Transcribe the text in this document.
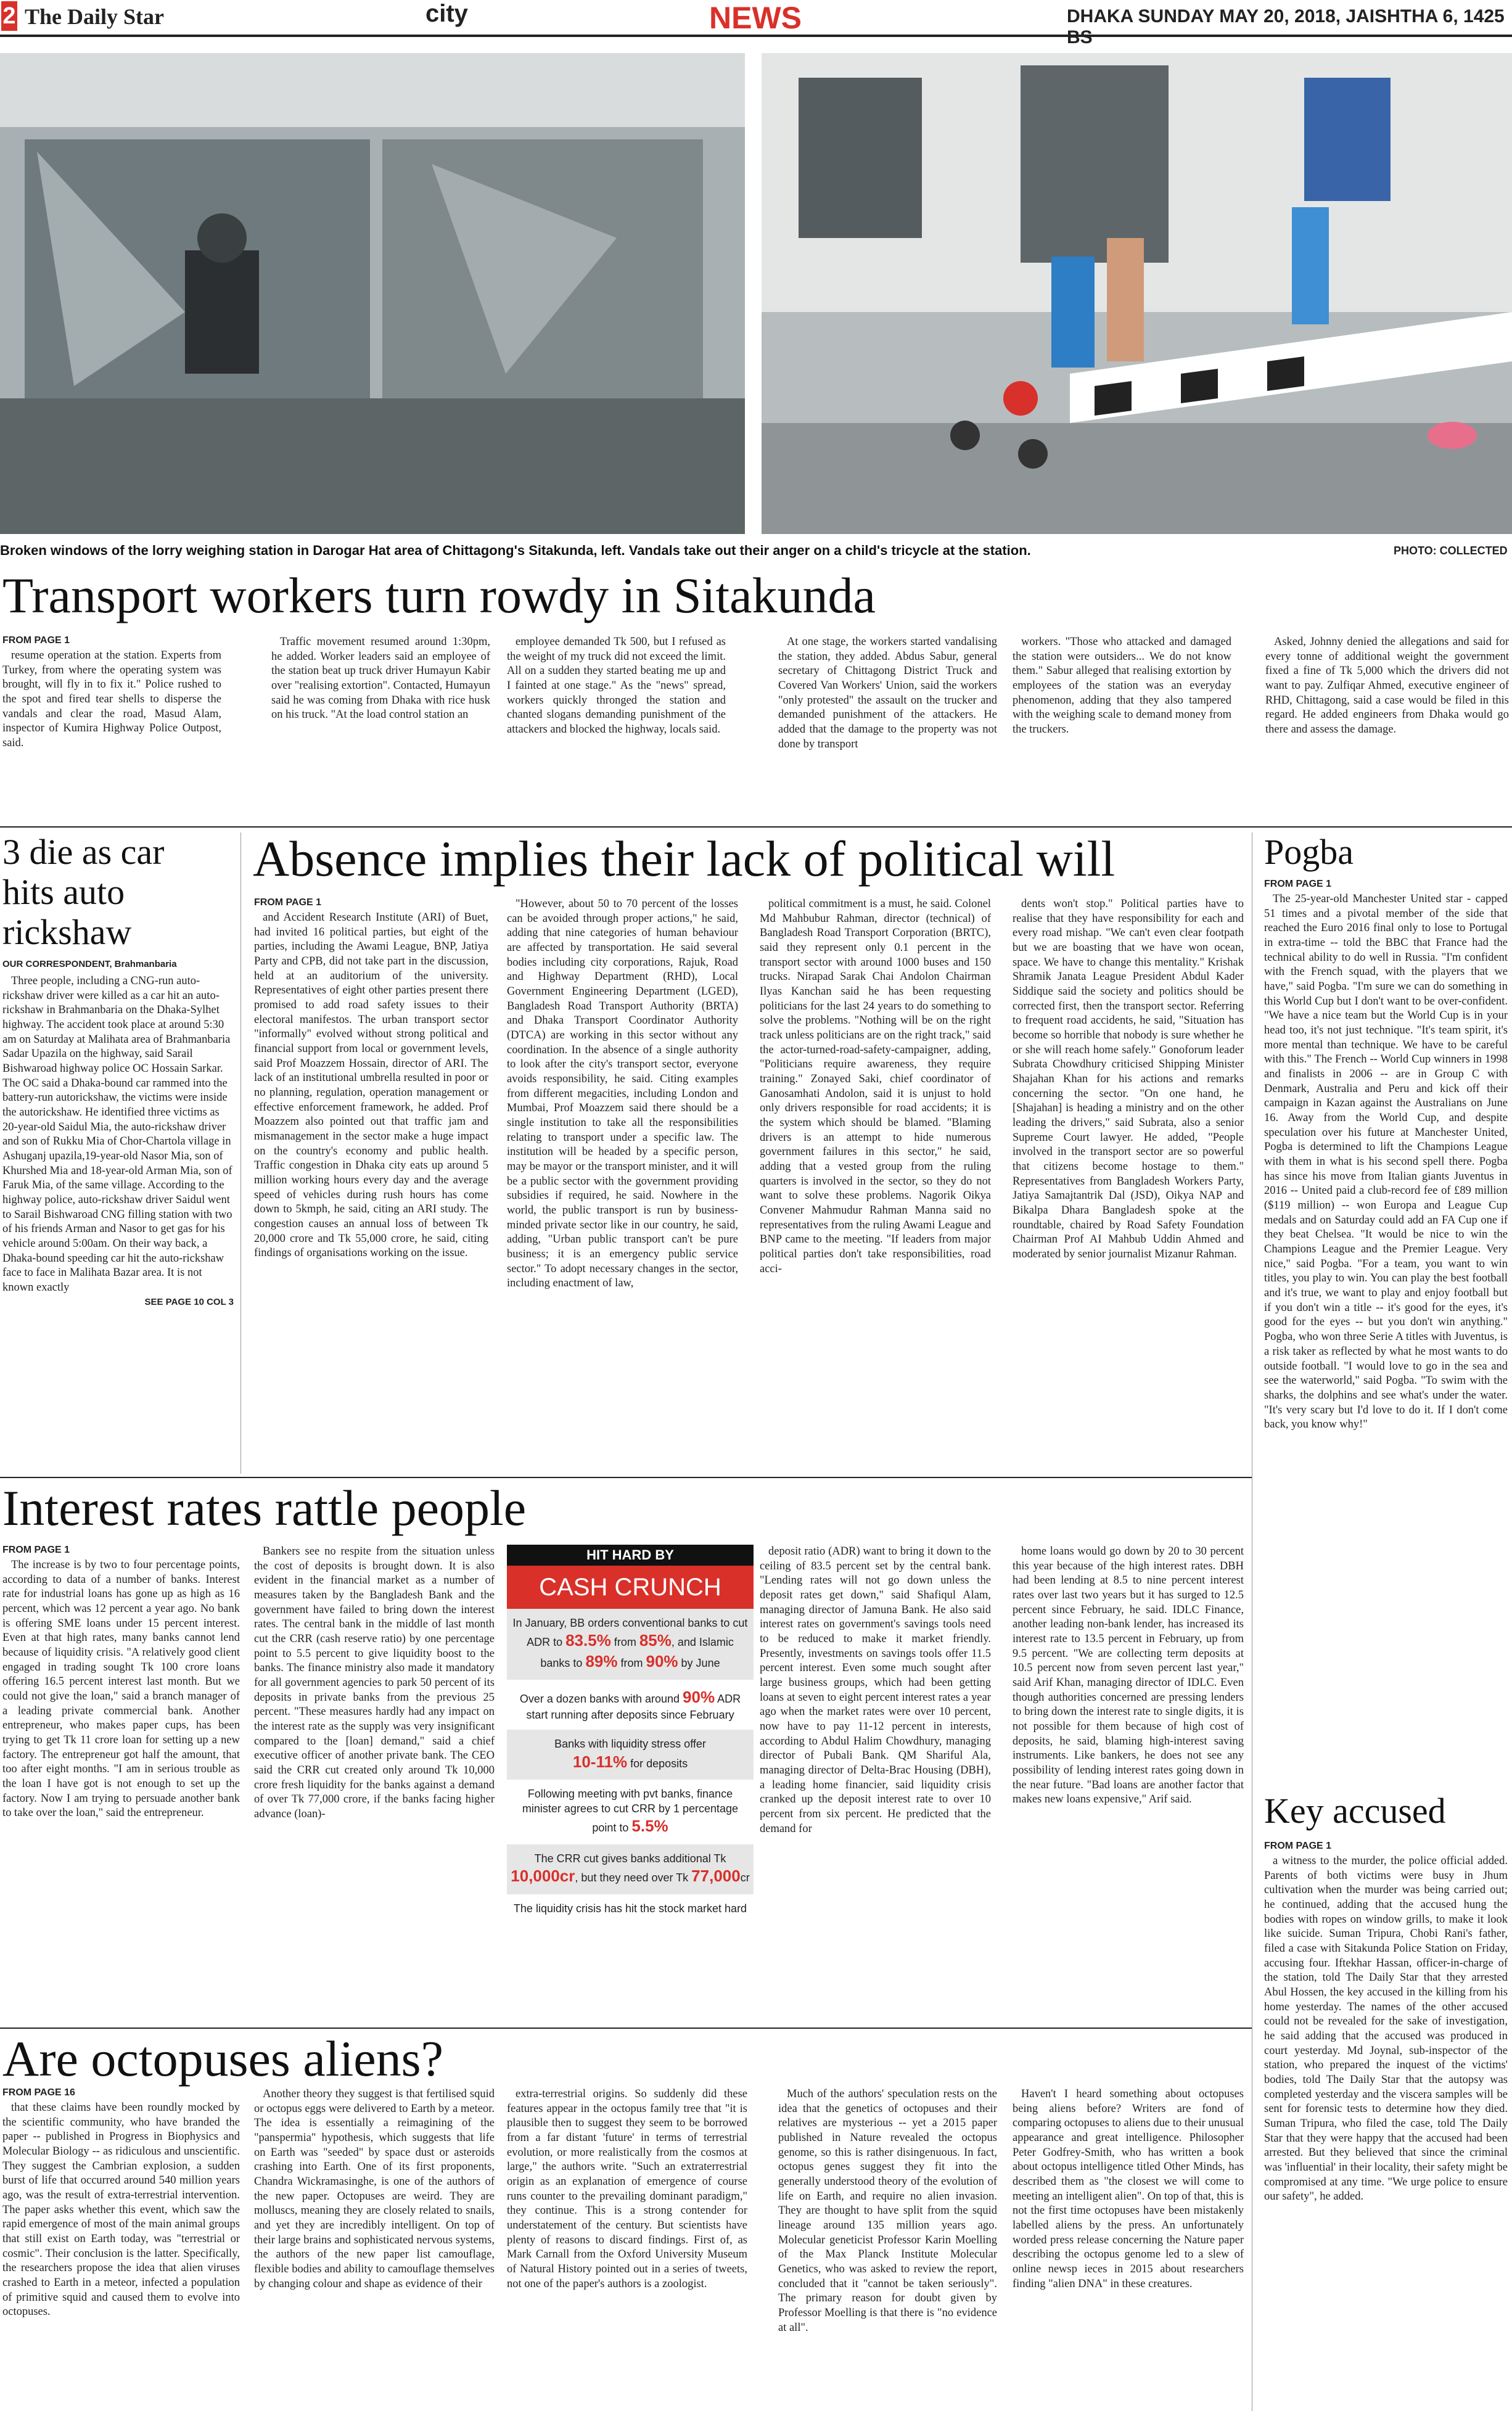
2 The Daily Star	city	NEWS	DHAKA SUNDAY MAY 20, 2018, JAISHTHA 6, 1425 BS
Broken windows of the lorry weighing station in Darogar Hat area of Chittagong's Sitakunda, left. Vandals take out their anger on a child's tricycle at the station.	PHOTO: COLLECTED
Transport workers turn rowdy in Sitakunda
FROM PAGE 1

resume operation at the station. Experts from Turkey, from where the operating system was brought, will fly in to fix it." Police rushed to the spot and fired tear shells to disperse the vandals and clear the road, Masud Alam, inspector of Kumira Highway Police Outpost, said.

Traffic movement resumed around 1:30pm, he added. Worker leaders said an employee of the station beat up truck driver Humayun Kabir over "realising extortion". Contacted, Humayun said he was coming from Dhaka with rice husk on his truck. "At the load control station an

employee demanded Tk 500, but I refused as the weight of my truck did not exceed the limit. All on a sudden they started beating me up and I fainted at one stage." As the "news" spread, workers quickly thronged the station and chanted slogans demanding punishment of the attackers and blocked the highway, locals said.

At one stage, the workers started vandalising the station, they added. Abdus Sabur, general secretary of Chittagong District Truck and Covered Van Workers' Union, said the workers "only protested" the assault on the trucker and demanded punishment of the attackers. He added that the damage to the property was not done by transport

workers. "Those who attacked and damaged the station were outsiders... We do not know them." Sabur alleged that realising extortion by employees of the station was an everyday phenomenon, adding that they also tampered with the weighing scale to demand money from the truckers.

Asked, Johnny denied the allegations and said for every tonne of additional weight the government fixed a fine of Tk 5,000 which the drivers did not want to pay. Zulfiqar Ahmed, executive engineer of RHD, Chittagong, said a case would be filed in this regard. He added engineers from Dhaka would go there and assess the damage.

3 die as car hits auto rickshaw
OUR CORRESPONDENT, Brahmanbaria

Three people, including a CNG-run auto-rickshaw driver were killed as a car hit an auto-rickshaw in Brahmanbaria on the Dhaka-Sylhet highway. The accident took place at around 5:30 am on Saturday at Malihata area of Brahmanbaria Sadar Upazila on the highway, said Sarail Bishwaroad highway police OC Hossain Sarkar. The OC said a Dhaka-bound car rammed into the battery-run autorickshaw, the victims were inside the autorickshaw. He identified three victims as 20-year-old Saidul Mia, the auto-rickshaw driver and son of Rukku Mia of Chor-Chartola village in Ashuganj upazila,19-year-old Nasor Mia, son of Khurshed Mia and 18-year-old Arman Mia, son of Faruk Mia, of the same village. According to the highway police, auto-rickshaw driver Saidul went to Sarail Bishwaroad CNG filling station with two of his friends Arman and Nasor to get gas for his vehicle around 5:00am. On their way back, a Dhaka-bound speeding car hit the auto-rickshaw face to face in Malihata Bazar area. It is not known exactly

SEE PAGE 10 COL 3
Absence implies their lack of political will
FROM PAGE 1

and Accident Research Institute (ARI) of Buet, had invited 16 political parties, but eight of the parties, including the Awami League, BNP, Jatiya Party and CPB, did not take part in the discussion, held at an auditorium of the university. Representatives of eight other parties present there promised to add road safety issues to their electoral manifestos. The urban transport sector "informally" evolved without strong political and financial support from local or government levels, said Prof Moazzem Hossain, director of ARI. The lack of an institutional umbrella resulted in poor or no planning, regulation, operation management or effective enforcement framework, he added. Prof Moazzem also pointed out that traffic jam and mismanagement in the sector make a huge impact on the country's economy and public health. Traffic congestion in Dhaka city eats up around 5 million working hours every day and the average speed of vehicles during rush hours has come down to 5kmph, he said, citing an ARI study. The congestion causes an annual loss of between Tk 20,000 crore and Tk 55,000 crore, he said, citing findings of organisations working on the issue.

"However, about 50 to 70 percent of the losses can be avoided through proper actions," he said, adding that nine categories of human behaviour are affected by transportation. He said several bodies including city corporations, Rajuk, Road and Highway Department (RHD), Local Government Engineering Department (LGED), Bangladesh Road Transport Authority (BRTA) and Dhaka Transport Coordinator Authority (DTCA) are working in this sector without any coordination. In the absence of a single authority to look after the city's transport sector, everyone avoids responsibility, he said. Citing examples from different megacities, including London and Mumbai, Prof Moazzem said there should be a single institution to take all the responsibilities relating to transport under a specific law. The institution will be headed by a specific person, may be mayor or the transport minister, and it will be a public sector with the government providing subsidies if required, he said. Nowhere in the world, the public transport is run by business-minded private sector like in our country, he said, adding, "Urban public transport can't be pure business; it is an emergency public service sector." To adopt necessary changes in the sector, including enactment of law,

political commitment is a must, he said. Colonel Md Mahbubur Rahman, director (technical) of Bangladesh Road Transport Corporation (BRTC), said they represent only 0.1 percent in the transport sector with around 1000 buses and 150 trucks. Nirapad Sarak Chai Andolon Chairman Ilyas Kanchan said he has been requesting politicians for the last 24 years to do something to solve the problems. "Nothing will be on the right track unless politicians are on the right track," said the actor-turned-road-safety-campaigner, adding, "Politicians require awareness, they require training." Zonayed Saki, chief coordinator of Ganosamhati Andolon, said it is unjust to hold only drivers responsible for road accidents; it is the system which should be blamed. "Blaming drivers is an attempt to hide numerous government failures in this sector," he said, adding that a vested group from the ruling quarters is involved in the sector, so they do not want to solve these problems. Nagorik Oikya Convener Mahmudur Rahman Manna said no representatives from the ruling Awami League and BNP came to the meeting. "If leaders from major political parties don't take responsibilities, road acci-

dents won't stop." Political parties have to realise that they have responsibility for each and every road mishap. "We can't even clear footpath but we are boasting that we have won ocean, space. We have to change this mentality." Krishak Shramik Janata League President Abdul Kader Siddique said the society and politics should be corrected first, then the transport sector. Referring to frequent road accidents, he said, "Situation has become so horrible that nobody is sure whether he or she will reach home safely." Gonoforum leader Subrata Chowdhury criticised Shipping Minister Shajahan Khan for his actions and remarks concerning the sector. "On one hand, he [Shajahan] is heading a ministry and on the other leading the drivers," said Subrata, also a senior Supreme Court lawyer. He added, "People involved in the transport sector are so powerful that citizens become hostage to them." Representatives from Bangladesh Workers Party, Jatiya Samajtantrik Dal (JSD), Oikya NAP and Bikalpa Dhara Bangladesh spoke at the roundtable, chaired by Road Safety Foundation Chairman Prof AI Mahbub Uddin Ahmed and moderated by senior journalist Mizanur Rahman.

Pogba
FROM PAGE 1

The 25-year-old Manchester United star - capped 51 times and a pivotal member of the side that reached the Euro 2016 final only to lose to Portugal in extra-time -- told the BBC that France had the technical ability to do well in Russia. "I'm confident with the French squad, with the players that we have," said Pogba. "I'm sure we can do something in this World Cup but I don't want to be over-confident. "We have a nice team but the World Cup is in your head too, it's not just technique. "It's team spirit, it's more mental than technique. We have to be careful with this." The French -- World Cup winners in 1998 and finalists in 2006 -- are in Group C with Denmark, Australia and Peru and kick off their campaign in Kazan against the Australians on June 16. Away from the World Cup, and despite speculation over his future at Manchester United, Pogba is determined to lift the Champions League with them in what is his second spell there. Pogba has since his move from Italian giants Juventus in 2016 -- United paid a club-record fee of £89 million ($119 million) -- won Europa and League Cup medals and on Saturday could add an FA Cup one if they beat Chelsea. "It would be nice to win the Champions League and the Premier League. Very nice," said Pogba. "For a team, you want to win titles, you play to win. You can play the best football and it's true, we want to play and enjoy football but if you don't win a title -- it's good for the eyes, it's good for the eyes -- but you don't win anything." Pogba, who won three Serie A titles with Juventus, is a risk taker as reflected by what he most wants to do outside football. "I would love to go in the sea and see the waterworld," said Pogba. "To swim with the sharks, the dolphins and see what's under the water. "It's very scary but I'd love to do it. If I don't come back, you know why!"

Key accused
FROM PAGE 1

a witness to the murder, the police official added. Parents of both victims were busy in Jhum cultivation when the murder was being carried out; he continued, adding that the accused hung the bodies with ropes on window grills, to make it look like suicide. Suman Tripura, Chobi Rani's father, filed a case with Sitakunda Police Station on Friday, accusing four. Iftekhar Hassan, officer-in-charge of the station, told The Daily Star that they arrested Abul Hossen, the key accused in the killing from his home yesterday. The names of the other accused could not be revealed for the sake of investigation, he said adding that the accused was produced in court yesterday. Md Joynal, sub-inspector of the station, who prepared the inquest of the victims' bodies, told The Daily Star that the autopsy was completed yesterday and the viscera samples will be sent for forensic tests to determine how they died. Suman Tripura, who filed the case, told The Daily Star that they were happy that the accused had been arrested. But they believed that since the criminal was 'influential' in their locality, their safety might be compromised at any time. "We urge police to ensure our safety", he added.

Interest rates rattle people
FROM PAGE 1

The increase is by two to four percentage points, according to data of a number of banks. Interest rate for industrial loans has gone up as high as 16 percent, which was 12 percent a year ago. No bank is offering SME loans under 15 percent interest. Even at that high rates, many banks cannot lend because of liquidity crisis. "A relatively good client engaged in trading sought Tk 100 crore loans offering 16.5 percent interest last month. But we could not give the loan," said a branch manager of a leading private commercial bank. Another entrepreneur, who makes paper cups, has been trying to get Tk 11 crore loan for setting up a new factory. The entrepreneur got half the amount, that too after eight months. "I am in serious trouble as the loan I have got is not enough to set up the factory. Now I am trying to persuade another bank to take over the loan," said the entrepreneur.

Bankers see no respite from the situation unless the cost of deposits is brought down. It is also evident in the financial market as a number of measures taken by the Bangladesh Bank and the government have failed to bring down the interest rates. The central bank in the middle of last month cut the CRR (cash reserve ratio) by one percentage point to 5.5 percent to give liquidity boost to the banks. The finance ministry also made it mandatory for all government agencies to park 50 percent of its deposits in private banks from the previous 25 percent. "These measures hardly had any impact on the interest rate as the supply was very insignificant compared to the [loan] demand," said a chief executive officer of another private bank. The CEO said the CRR cut created only around Tk 10,000 crore fresh liquidity for the banks against a demand of over Tk 77,000 crore, if the banks facing higher advance (loan)-

HIT HARD BY
CASH CRUNCH
In January, BB orders conventional banks to cut ADR to 83.5% from 85%, and Islamic banks to 89% from 90% by June
Over a dozen banks with around 90% ADR start running after deposits since February
Banks with liquidity stress offer
10-11% for deposits
Following meeting with pvt banks, finance minister agrees to cut CRR by 1 percentage point to 5.5%
The CRR cut gives banks additional Tk 10,000cr, but they need over Tk 77,000cr
The liquidity crisis has hit the stock market hard

deposit ratio (ADR) want to bring it down to the ceiling of 83.5 percent set by the central bank. "Lending rates will not go down unless the deposit rates get down," said Shafiqul Alam, managing director of Jamuna Bank. He also said interest rates on government's savings tools need to be reduced to make it market friendly. Presently, investments on savings tools offer 11.5 percent interest. Even some much sought after large business groups, which had been getting loans at seven to eight percent interest rates a year ago when the market rates were over 10 percent, now have to pay 11-12 percent in interests, according to Abdul Halim Chowdhury, managing director of Pubali Bank. QM Shariful Ala, managing director of Delta-Brac Housing (DBH), a leading home financier, said liquidity crisis cranked up the deposit interest rate to over 10 percent from six percent. He predicted that the demand for

home loans would go down by 20 to 30 percent this year because of the high interest rates. DBH had been lending at 8.5 to nine percent interest rates over last two years but it has surged to 12.5 percent since February, he said. IDLC Finance, another leading non-bank lender, has increased its interest rate to 13.5 percent in February, up from 9.5 percent. "We are collecting term deposits at 10.5 percent now from seven percent last year," said Arif Khan, managing director of IDLC. Even though authorities concerned are pressing lenders to bring down the interest rate to single digits, it is not possible for them because of high cost of deposits, he said, blaming high-interest saving instruments. Like bankers, he does not see any possibility of lending interest rates going down in the near future. "Bad loans are another factor that makes new loans expensive," Arif said.

Are octopuses aliens?
FROM PAGE 16

that these claims have been roundly mocked by the scientific community, who have branded the paper -- published in Progress in Biophysics and Molecular Biology -- as ridiculous and unscientific. They suggest the Cambrian explosion, a sudden burst of life that occurred around 540 million years ago, was the result of extra-terrestrial intervention. The paper asks whether this event, which saw the rapid emergence of most of the main animal groups that still exist on Earth today, was "terrestrial or cosmic". Their conclusion is the latter. Specifically, the researchers propose the idea that alien viruses crashed to Earth in a meteor, infected a population of primitive squid and caused them to evolve into octopuses.

Another theory they suggest is that fertilised squid or octopus eggs were delivered to Earth by a meteor. The idea is essentially a reimagining of the "panspermia" hypothesis, which suggests that life on Earth was "seeded" by space dust or asteroids crashing into Earth. One of its first proponents, Chandra Wickramasinghe, is one of the authors of the new paper. Octopuses are weird. They are molluscs, meaning they are closely related to snails, and yet they are incredibly intelligent. On top of their large brains and sophisticated nervous systems, the authors of the new paper list camouflage, flexible bodies and ability to camouflage themselves by changing colour and shape as evidence of their

extra-terrestrial origins. So suddenly did these features appear in the octopus family tree that "it is plausible then to suggest they seem to be borrowed from a far distant 'future' in terms of terrestrial evolution, or more realistically from the cosmos at large," the authors write. "Such an extraterrestrial origin as an explanation of emergence of course runs counter to the prevailing dominant paradigm," they continue. This is a strong contender for understatement of the century. But scientists have plenty of reasons to discard findings. First of, as Mark Carnall from the Oxford University Museum of Natural History pointed out in a series of tweets, not one of the paper's authors is a zoologist.

Much of the authors' speculation rests on the idea that the genetics of octopuses and their relatives are mysterious -- yet a 2015 paper published in Nature revealed the octopus genome, so this is rather disingenuous. In fact, octopus genes suggest they fit into the generally understood theory of the evolution of life on Earth, and require no alien invasion. They are thought to have split from the squid lineage around 135 million years ago. Molecular geneticist Professor Karin Moelling of the Max Planck Institute Molecular Genetics, who was asked to review the report, concluded that it "cannot be taken seriously". The primary reason for doubt given by Professor Moelling is that there is "no evidence at all".

Haven't I heard something about octopuses being aliens before? Writers are fond of comparing octopuses to aliens due to their unusual appearance and great intelligence. Philosopher Peter Godfrey-Smith, who has written a book about octopus intelligence titled Other Minds, has described them as "the closest we will come to meeting an intelligent alien". On top of that, this is not the first time octopuses have been mistakenly labelled aliens by the press. An unfortunately worded press release concerning the Nature paper describing the octopus genome led to a slew of online newsp ieces in 2015 about researchers finding "alien DNA" in these creatures.
